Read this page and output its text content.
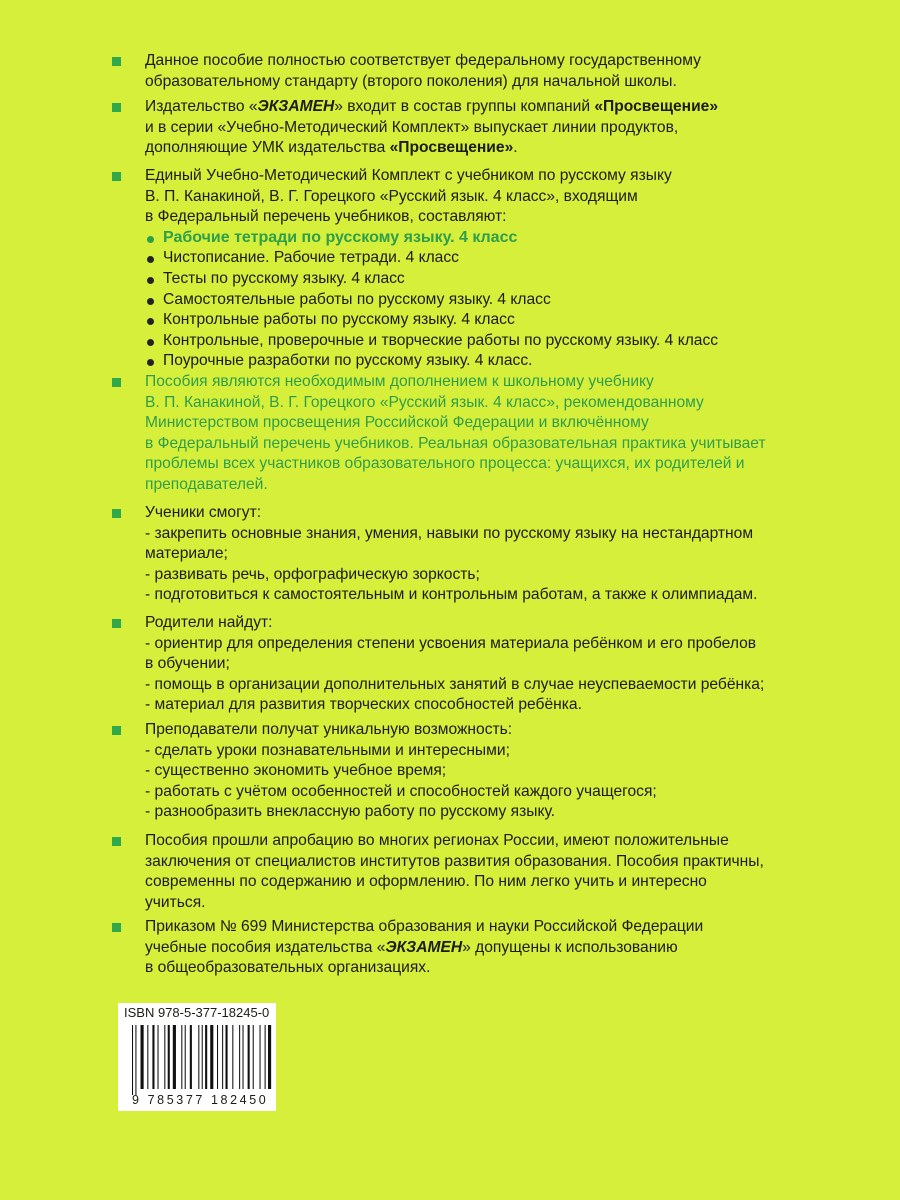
Данное пособие полностью соответствует федеральному государственному
образовательному стандарту (второго поколения) для начальной школы.
Издательство «ЭКЗАМЕН» входит в состав группы компаний «Просвещение»
и в серии «Учебно-Методический Комплект» выпускает линии продуктов,
дополняющие УМК издательства «Просвещение».
Единый Учебно-Методический Комплект с учебником по русскому языку
В. П. Канакиной, В. Г. Горецкого «Русский язык. 4 класс», входящим
в Федеральный перечень учебников, составляют:
Рабочие тетради по русскому языку. 4 класс
Чистописание. Рабочие тетради. 4 класс
Тесты по русскому языку. 4 класс
Самостоятельные работы по русскому языку. 4 класс
Контрольные работы по русскому языку. 4 класс
Контрольные, проверочные и творческие работы по русскому языку. 4 класс
Поурочные разработки по русскому языку. 4 класс.
Пособия являются необходимым дополнением к школьному учебнику
В. П. Канакиной, В. Г. Горецкого «Русский язык. 4 класс», рекомендованному
Министерством просвещения Российской Федерации и включённому
в Федеральный перечень учебников. Реальная образовательная практика учитывает
проблемы всех участников образовательного процесса: учащихся, их родителей и
преподавателей.
Ученики смогут:
- закрепить основные знания, умения, навыки по русскому языку на нестандартном
материале;
- развивать речь, орфографическую зоркость;
- подготовиться к самостоятельным и контрольным работам, а также к олимпиадам.
Родители найдут:
- ориентир для определения степени усвоения материала ребёнком и его пробелов
в обучении;
- помощь в организации дополнительных занятий в случае неуспеваемости ребёнка;
- материал для развития творческих способностей ребёнка.
Преподаватели получат уникальную возможность:
- сделать уроки познавательными и интересными;
- существенно экономить учебное время;
- работать с учётом особенностей и способностей каждого учащегося;
- разнообразить внеклассную работу по русскому языку.
Пособия прошли апробацию во многих регионах России, имеют положительные
заключения от специалистов институтов развития образования. Пособия практичны,
современны по содержанию и оформлению. По ним легко учить и интересно
учиться.
Приказом № 699 Министерства образования и науки Российской Федерации
учебные пособия издательства «ЭКЗАМЕН» допущены к использованию
в общеобразовательных организациях.
ISBN 978-5-377-18245-0
9 785377 182450
